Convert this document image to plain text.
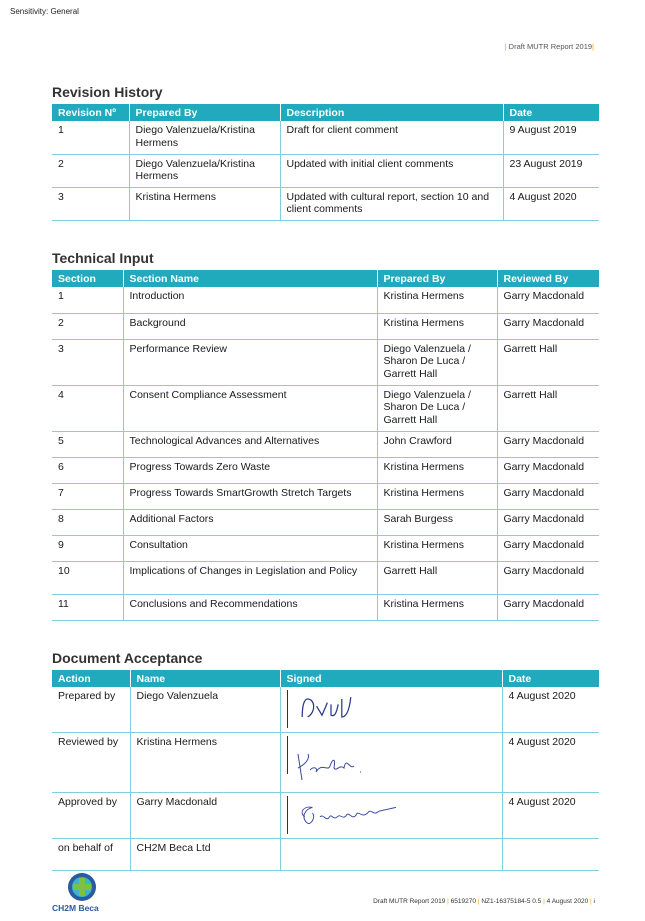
Sensitivity: General
| Draft MUTR Report 2019|
Revision History
Revision Nº	Prepared By	Description	Date
1	Diego Valenzuela/Kristina Hermens	Draft for client comment	9 August 2019
2	Diego Valenzuela/Kristina Hermens	Updated with initial client comments	23 August 2019
3	Kristina Hermens	Updated with cultural report, section 10 and client comments	4 August 2020
Technical Input
Section	Section Name	Prepared By	Reviewed By
1	Introduction	Kristina Hermens	Garry Macdonald
2	Background	Kristina Hermens	Garry Macdonald
3	Performance Review	Diego Valenzuela / Sharon De Luca / Garrett Hall	Garrett Hall
4	Consent Compliance Assessment	Diego Valenzuela / Sharon De Luca / Garrett Hall	Garrett Hall
5	Technological Advances and Alternatives	John Crawford	Garry Macdonald
6	Progress Towards Zero Waste	Kristina Hermens	Garry Macdonald
7	Progress Towards SmartGrowth Stretch Targets	Kristina Hermens	Garry Macdonald
8	Additional Factors	Sarah Burgess	Garry Macdonald
9	Consultation	Kristina Hermens	Garry Macdonald
10	Implications of Changes in Legislation and Policy	Garrett Hall	Garry Macdonald
11	Conclusions and Recommendations	Kristina Hermens	Garry Macdonald
Document Acceptance
Action	Name	Signed	Date
Prepared by	Diego Valenzuela		4 August 2020
Reviewed by	Kristina Hermens		4 August 2020
Approved by	Garry Macdonald		4 August 2020
on behalf of	CH2M Beca Ltd		
CH2M Beca
Draft MUTR Report 2019 | 6519270 | NZ1-16375184-5 0.5 | 4 August 2020 | i
